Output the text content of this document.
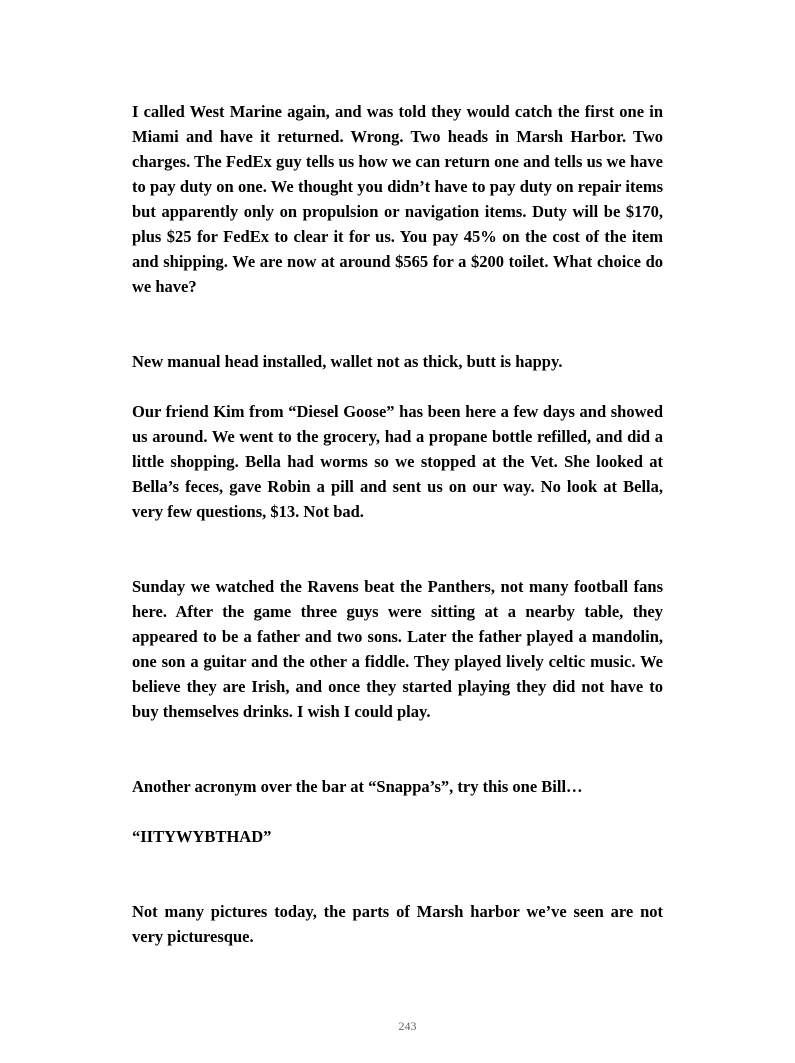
I called West Marine again, and was told they would catch the first one in Miami and have it returned. Wrong. Two heads in Marsh Harbor. Two charges. The FedEx guy tells us how we can return one and tells us we have to pay duty on one. We thought you didn’t have to pay duty on repair items but apparently only on propulsion or navigation items. Duty will be $170, plus $25 for FedEx to clear it for us. You pay 45% on the cost of the item and shipping. We are now at around $565 for a $200 toilet. What choice do we have?

New manual head installed, wallet not as thick, butt is happy.

Our friend Kim from “Diesel Goose” has been here a few days and showed us around. We went to the grocery, had a propane bottle refilled, and did a little shopping. Bella had worms so we stopped at the Vet. She looked at Bella’s feces, gave Robin a pill and sent us on our way. No look at Bella, very few questions, $13. Not bad.

Sunday we watched the Ravens beat the Panthers, not many football fans here. After the game three guys were sitting at a nearby table, they appeared to be a father and two sons. Later the father played a mandolin, one son a guitar and the other a fiddle. They played lively celtic music. We believe they are Irish, and once they started playing they did not have to buy themselves drinks. I wish I could play.

Another acronym over the bar at “Snappa’s”, try this one Bill…

“IITYWYBTHAD”

Not many pictures today, the parts of Marsh harbor we’ve seen are not very picturesque.

243
